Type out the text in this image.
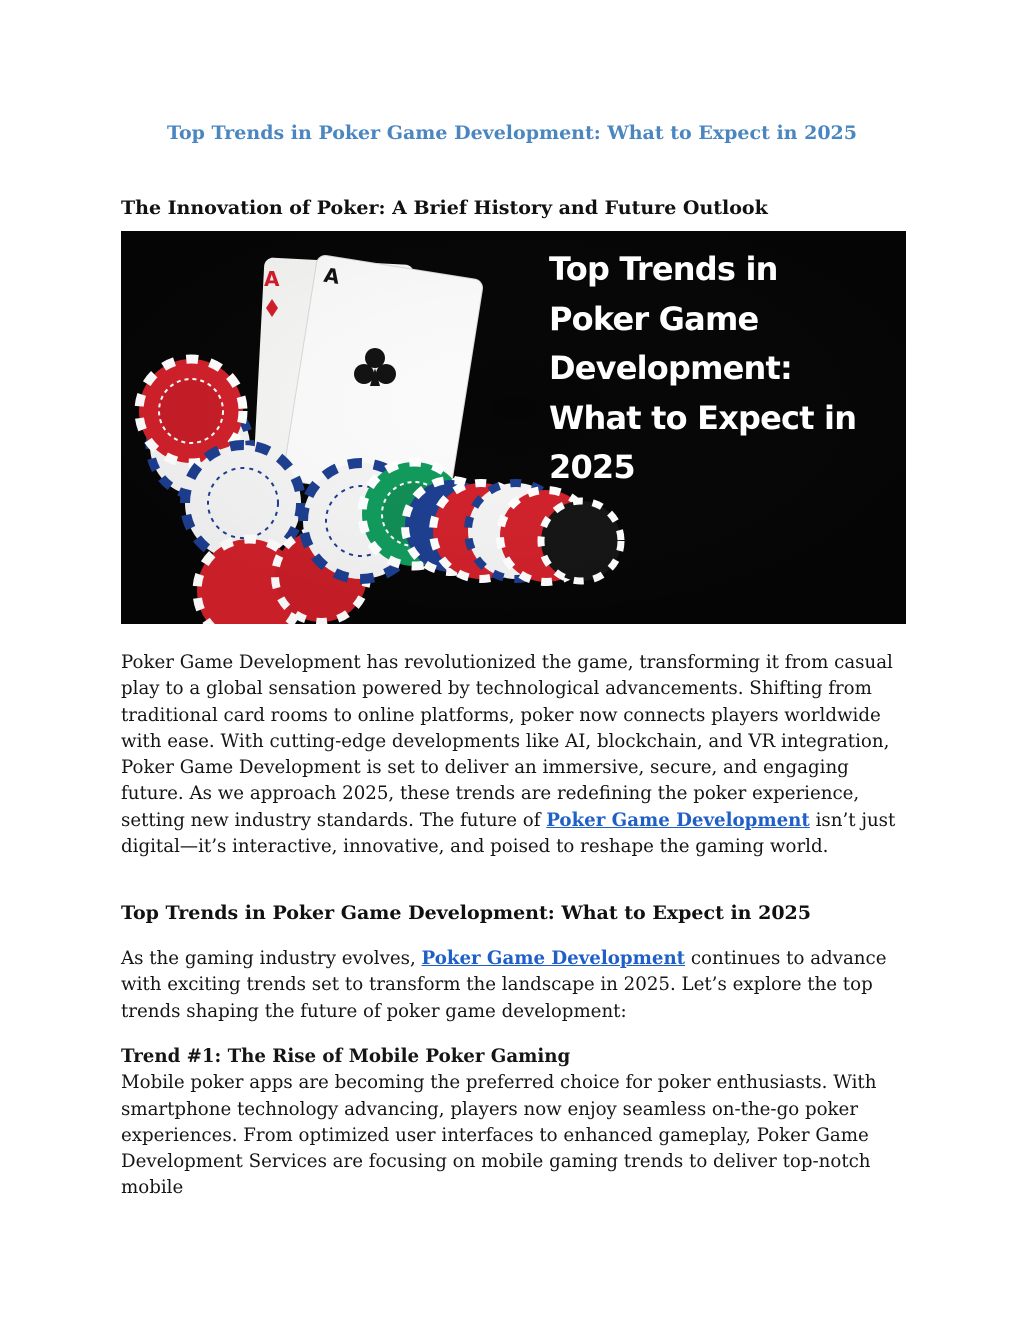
Top Trends in Poker Game Development: What to Expect in 2025
The Innovation of Poker: A Brief History and Future Outlook
A A	Top Trends in
Poker Game
Development:
What to Expect in
2025

Poker Game Development has revolutionized the game, transforming it from casual play to a global sensation powered by technological advancements. Shifting from traditional card rooms to online platforms, poker now connects players worldwide with ease. With cutting-edge developments like AI, blockchain, and VR integration, Poker Game Development is set to deliver an immersive, secure, and engaging future. As we approach 2025, these trends are redefining the poker experience, setting new industry standards. The future of Poker Game Development isn’t just digital—it’s interactive, innovative, and poised to reshape the gaming world.

Top Trends in Poker Game Development: What to Expect in 2025

As the gaming industry evolves, Poker Game Development continues to advance with exciting trends set to transform the landscape in 2025. Let’s explore the top trends shaping the future of poker game development:

Trend #1: The Rise of Mobile Poker Gaming
Mobile poker apps are becoming the preferred choice for poker enthusiasts. With smartphone technology advancing, players now enjoy seamless on-the-go poker experiences. From optimized user interfaces to enhanced gameplay, Poker Game Development Services are focusing on mobile gaming trends to deliver top-notch mobile
